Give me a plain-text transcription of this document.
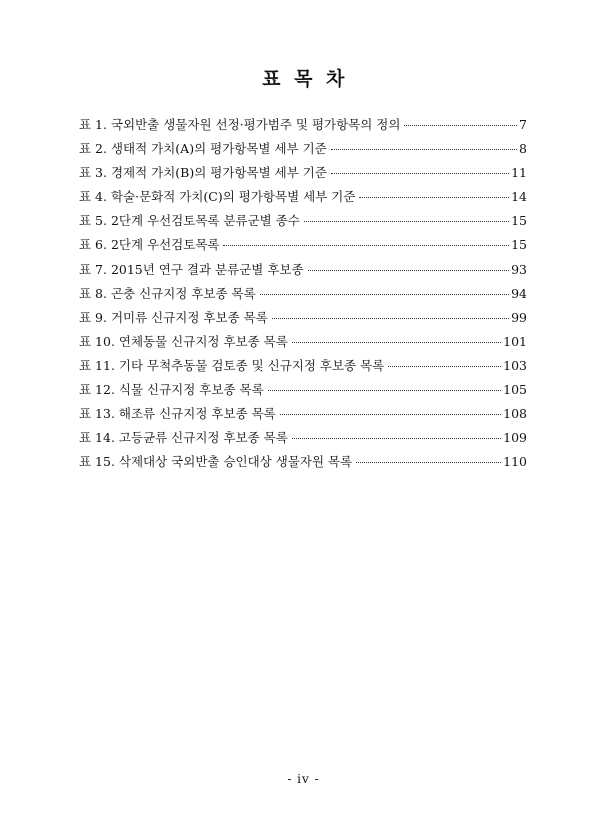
표 목 차
표 1. 국외반출 생물자원 선정·평가범주 및 평가항목의 정의	7
표 2. 생태적 가치(A)의 평가항목별 세부 기준	8
표 3. 경제적 가치(B)의 평가항목별 세부 기준	11
표 4. 학술·문화적 가치(C)의 평가항목별 세부 기준	14
표 5. 2단계 우선검토목록 분류군별 종수	15
표 6. 2단계 우선검토목록	15
표 7. 2015년 연구 결과 분류군별 후보종	93
표 8. 곤충 신규지정 후보종 목록	94
표 9. 거미류 신규지정 후보종 목록	99
표 10. 연체동물 신규지정 후보종 목록	101
표 11. 기타 무척추동물 검토종 및 신규지정 후보종 목록	103
표 12. 식물 신규지정 후보종 목록	105
표 13. 해조류 신규지정 후보종 목록	108
표 14. 고등균류 신규지정 후보종 목록	109
표 15. 삭제대상 국외반출 승인대상 생물자원 목록	110
- iv -
